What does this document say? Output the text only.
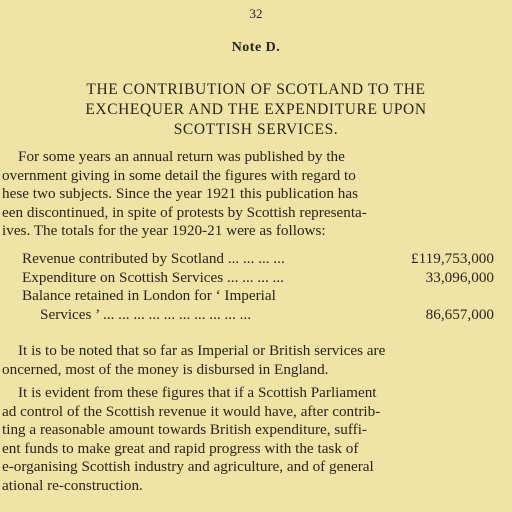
32
Note D.
THE CONTRIBUTION OF SCOTLAND TO THE
EXCHEQUER AND THE EXPENDITURE UPON
SCOTTISH SERVICES.
For some years an annual return was published by the
overnment giving in some detail the figures with regard to
hese two subjects. Since the year 1921 this publication has
een discontinued, in spite of protests by Scottish representa-
ives. The totals for the year 1920-21 were as follows:
Revenue contributed by Scotland ... ... ... ...	£119,753,000
Expenditure on Scottish Services ... ... ... ...	33,096,000
Balance retained in London for ‘ Imperial
Services ’ ... ... ... ... ... ... ... ... ... ...	86,657,000
It is to be noted that so far as Imperial or British services are
oncerned, most of the money is disbursed in England.
It is evident from these figures that if a Scottish Parliament
ad control of the Scottish revenue it would have, after contrib-
ting a reasonable amount towards British expenditure, suffi-
ent funds to make great and rapid progress with the task of
e-organising Scottish industry and agriculture, and of general
ational re-construction.
